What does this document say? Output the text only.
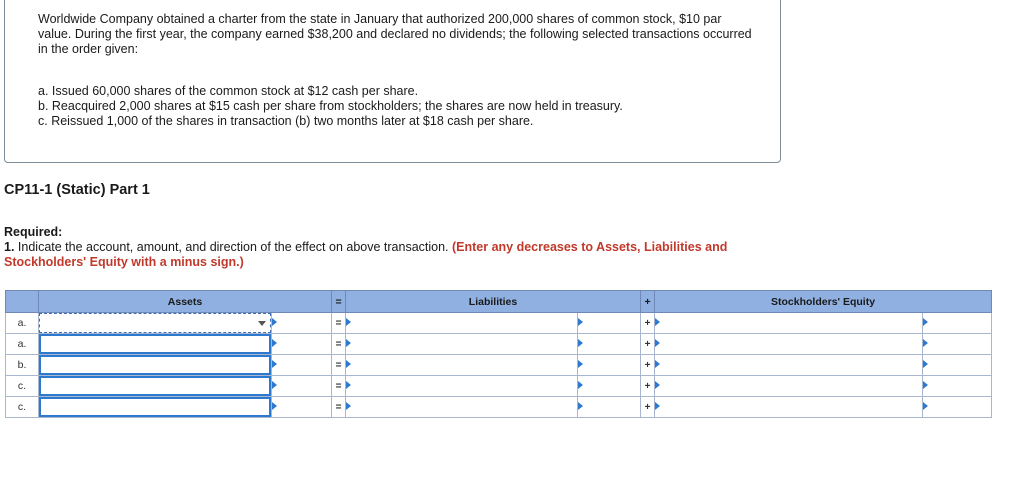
Worldwide Company obtained a charter from the state in January that authorized 200,000 shares of common stock, $10 par value. During the first year, the company earned $38,200 and declared no dividends; the following selected transactions occurred in the order given:
a. Issued 60,000 shares of the common stock at $12 cash per share.
b. Reacquired 2,000 shares at $15 cash per share from stockholders; the shares are now held in treasury.
c. Reissued 1,000 of the shares in transaction (b) two months later at $18 cash per share.
CP11-1 (Static) Part 1
Required:
1. Indicate the account, amount, and direction of the effect on above transaction. (Enter any decreases to Assets, Liabilities and Stockholders' Equity with a minus sign.)
	Assets		=	Liabilities		+	Stockholders' Equity	
a.			=			+	

a.			=			+	

b.			=			+	

c.			=			+	

c.			=			+	
